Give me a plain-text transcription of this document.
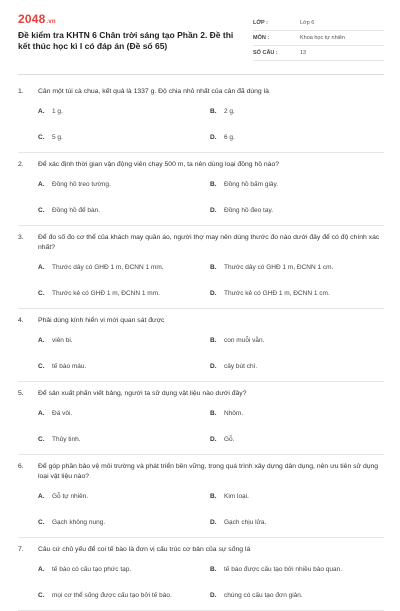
2048.vn
Đề kiểm tra KHTN 6 Chân trời sáng tạo Phần 2. Đề thi kết thúc học kì I có đáp án (Đề số 65)
LỚP :	Lớp 6
MÔN :	Khoa học tự nhiên
SỐ CÂU :	13
1.	Cân một túi cà chua, kết quả là 1337 g. Độ chia nhỏ nhất của cân đã dùng là
A.	1 g.	B.	2 g.
C.	5 g.	D.	6 g.
2.	Để xác định thời gian vận động viên chạy 500 m, ta nên dùng loại đồng hồ nào?
A.	Đồng hồ treo tường.	B.	Đồng hồ bấm giây.
C.	Đồng hồ để bàn.	D.	Đồng hồ đeo tay.
3.	Để đo số đo cơ thể của khách may quần áo, người thợ may nên dùng thước đo nào dưới đây để có độ chính xác nhất?
A.	Thước dây có GHĐ 1 m, ĐCNN 1 mm.	B.	Thước dây có GHĐ 1 m, ĐCNN 1 cm.
C.	Thước kẻ có GHĐ 1 m, ĐCNN 1 mm.	D.	Thước kẻ có GHĐ 1 m, ĐCNN 1 cm.
4.	Phải dùng kính hiển vi mới quan sát được
A.	viên bi.	B.	con muỗi vằn.
C.	tế bào máu.	D.	cây bút chì.
5.	Để sản xuất phấn viết bảng, người ta sử dụng vật liệu nào dưới đây?
A.	Đá vôi.	B.	Nhôm.
C.	Thủy tinh.	D.	Gỗ.
6.	Để góp phần bảo vệ môi trường và phát triển bền vững, trong quá trình xây dựng dân dụng, nên ưu tiên sử dụng loại vật liệu nào?
A.	Gỗ tự nhiên.	B.	Kim loại.
C.	Gạch không nung.	D.	Gạch chịu lửa.
7.	Câu cứ chủ yếu để coi tế bào là đơn vị cấu trúc cơ bản của sự sống là
A.	tế bào có cấu tạo phức tạp.	B.	tế bào được cấu tạo bởi nhiều bào quan.
C.	mọi cơ thể sống được cấu tạo bởi tế bào.	D.	chúng có cấu tạo đơn giản.
